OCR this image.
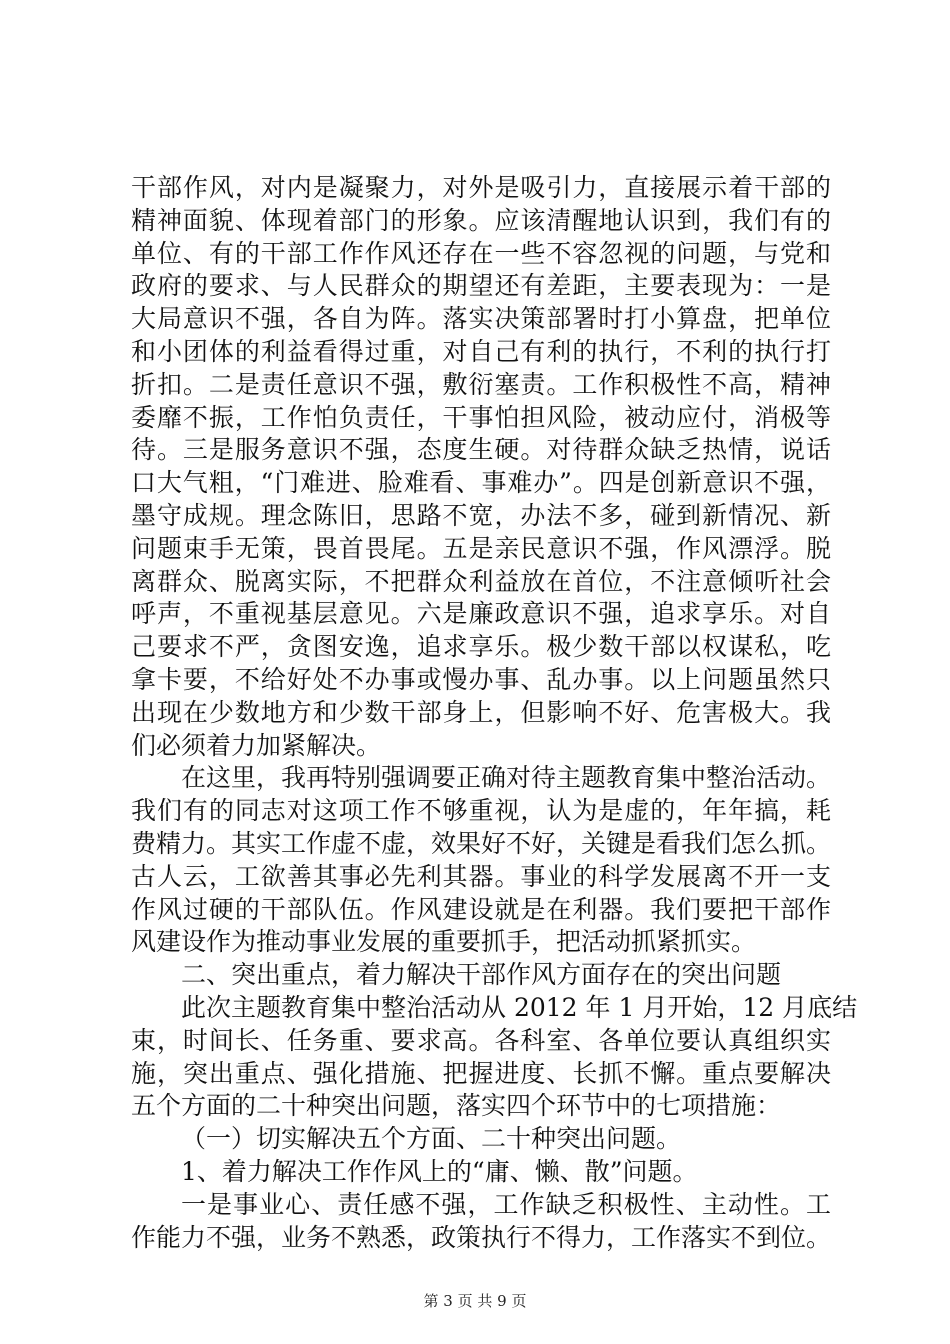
干部作风，对内是凝聚力，对外是吸引力，直接展示着干部的
精神面貌、体现着部门的形象。应该清醒地认识到，我们有的
单位、有的干部工作作风还存在一些不容忽视的问题，与党和
政府的要求、与人民群众的期望还有差距，主要表现为：一是
大局意识不强，各自为阵。落实决策部署时打小算盘，把单位
和小团体的利益看得过重，对自己有利的执行，不利的执行打
折扣。二是责任意识不强，敷衍塞责。工作积极性不高，精神
委靡不振，工作怕负责任，干事怕担风险，被动应付，消极等
待。三是服务意识不强，态度生硬。对待群众缺乏热情，说话
口大气粗，“门难进、脸难看、事难办”。四是创新意识不强，
墨守成规。理念陈旧，思路不宽，办法不多，碰到新情况、新
问题束手无策，畏首畏尾。五是亲民意识不强，作风漂浮。脱
离群众、脱离实际，不把群众利益放在首位，不注意倾听社会
呼声，不重视基层意见。六是廉政意识不强，追求享乐。对自
己要求不严，贪图安逸，追求享乐。极少数干部以权谋私，吃
拿卡要，不给好处不办事或慢办事、乱办事。以上问题虽然只
出现在少数地方和少数干部身上，但影响不好、危害极大。我
们必须着力加紧解决。
在这里，我再特别强调要正确对待主题教育集中整治活动。
我们有的同志对这项工作不够重视，认为是虚的，年年搞，耗
费精力。其实工作虚不虚，效果好不好，关键是看我们怎么抓。
古人云，工欲善其事必先利其器。事业的科学发展离不开一支
作风过硬的干部队伍。作风建设就是在利器。我们要把干部作
风建设作为推动事业发展的重要抓手，把活动抓紧抓实。
二、突出重点，着力解决干部作风方面存在的突出问题
此次主题教育集中整治活动从 2012 年 1 月开始，12 月底结
束，时间长、任务重、要求高。各科室、各单位要认真组织实
施，突出重点、强化措施、把握进度、长抓不懈。重点要解决
五个方面的二十种突出问题，落实四个环节中的七项措施：
（一）切实解决五个方面、二十种突出问题。
1、着力解决工作作风上的“庸、懒、散”问题。
一是事业心、责任感不强，工作缺乏积极性、主动性。工
作能力不强，业务不熟悉，政策执行不得力，工作落实不到位。
第 3 页 共 9 页
